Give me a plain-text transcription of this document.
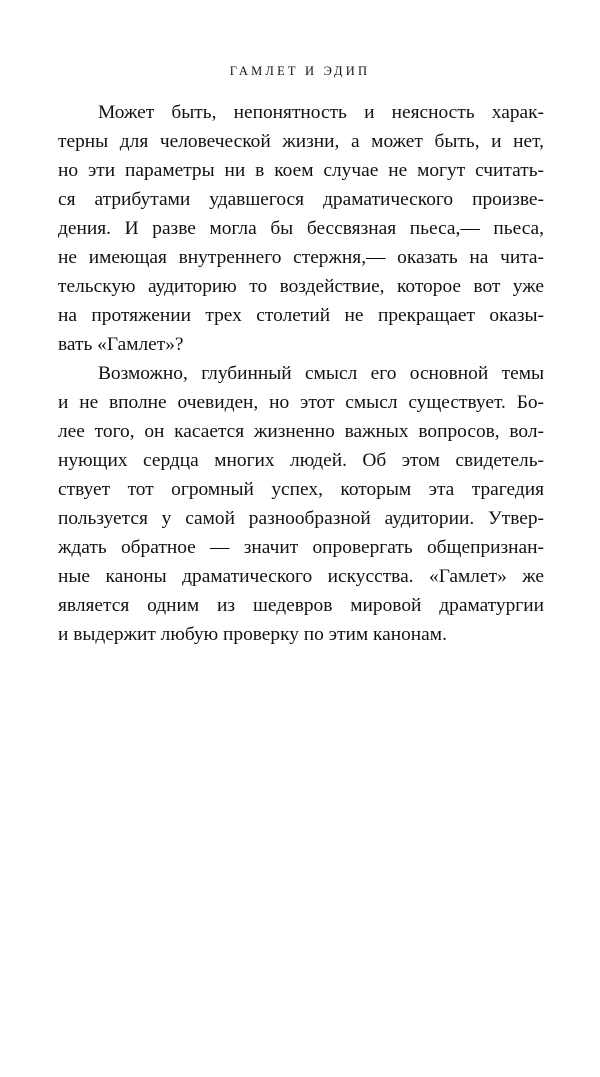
ГАМЛЕТ И ЭДИП
Может быть, непонятность и неясность харак-
терны для человеческой жизни, а может быть, и нет,
но эти параметры ни в коем случае не могут считать-
ся атрибутами удавшегося драматического произве-
дения. И разве могла бы бессвязная пьеса,— пьеса,
не имеющая внутреннего стержня,— оказать на чита-
тельскую аудиторию то воздействие, которое вот уже
на протяжении трех столетий не прекращает оказы-
вать «Гамлет»?
Возможно, глубинный смысл его основной темы
и не вполне очевиден, но этот смысл существует. Бо-
лее того, он касается жизненно важных вопросов, вол-
нующих сердца многих людей. Об этом свидетель-
ствует тот огромный успех, которым эта трагедия
пользуется у самой разнообразной аудитории. Утвер-
ждать обратное — значит опровергать общепризнан-
ные каноны драматического искусства. «Гамлет» же
является одним из шедевров мировой драматургии
и выдержит любую проверку по этим канонам.
